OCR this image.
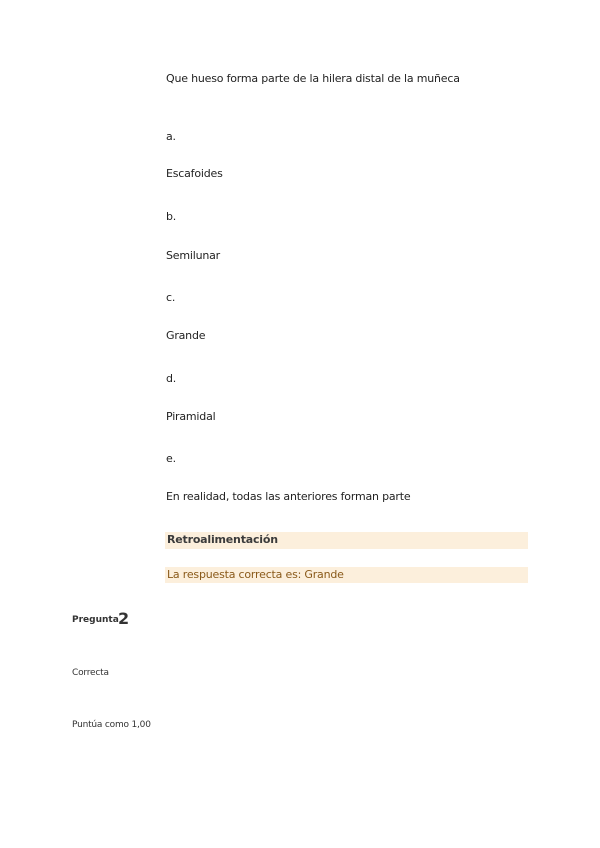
Que hueso forma parte de la hilera distal de la muñeca
a.
Escafoides
b.
Semilunar
c.
Grande
d.
Piramidal
e.
En realidad, todas las anteriores forman parte
Retroalimentación
La respuesta correcta es: Grande
Pregunta 2
Correcta
Puntúa como 1,00
